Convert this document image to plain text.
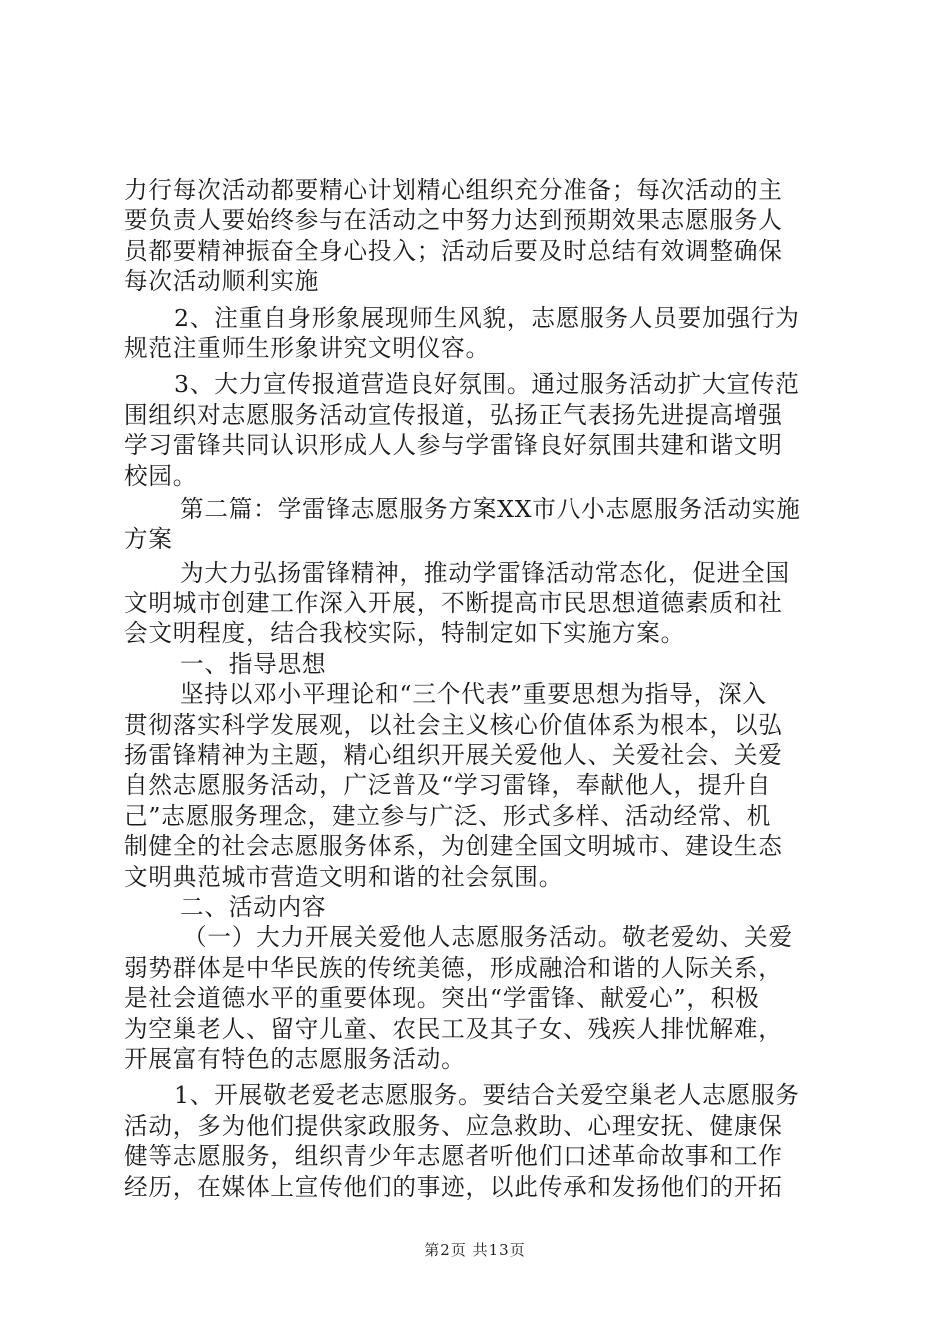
力行每次活动都要精心计划精心组织充分准备；每次活动的主
要负责人要始终参与在活动之中努力达到预期效果志愿服务人
员都要精神振奋全身心投入；活动后要及时总结有效调整确保
每次活动顺利实施
2、注重自身形象展现师生风貌，志愿服务人员要加强行为
规范注重师生形象讲究文明仪容。
3、大力宣传报道营造良好氛围。通过服务活动扩大宣传范
围组织对志愿服务活动宣传报道，弘扬正气表扬先进提高增强
学习雷锋共同认识形成人人参与学雷锋良好氛围共建和谐文明
校园。
第二篇：学雷锋志愿服务方案XX市八小志愿服务活动实施
方案
为大力弘扬雷锋精神，推动学雷锋活动常态化，促进全国
文明城市创建工作深入开展，不断提高市民思想道德素质和社
会文明程度，结合我校实际，特制定如下实施方案。
一、指导思想
坚持以邓小平理论和“三个代表”重要思想为指导，深入
贯彻落实科学发展观，以社会主义核心价值体系为根本，以弘
扬雷锋精神为主题，精心组织开展关爱他人、关爱社会、关爱
自然志愿服务活动，广泛普及“学习雷锋，奉献他人，提升自
己”志愿服务理念，建立参与广泛、形式多样、活动经常、机
制健全的社会志愿服务体系，为创建全国文明城市、建设生态
文明典范城市营造文明和谐的社会氛围。
二、活动内容
（一）大力开展关爱他人志愿服务活动。敬老爱幼、关爱
弱势群体是中华民族的传统美德，形成融洽和谐的人际关系，
是社会道德水平的重要体现。突出“学雷锋、献爱心”，积极
为空巢老人、留守儿童、农民工及其子女、残疾人排忧解难，
开展富有特色的志愿服务活动。
1、开展敬老爱老志愿服务。要结合关爱空巢老人志愿服务
活动，多为他们提供家政服务、应急救助、心理安抚、健康保
健等志愿服务，组织青少年志愿者听他们口述革命故事和工作
经历，在媒体上宣传他们的事迹，以此传承和发扬他们的开拓
第2页 共13页
